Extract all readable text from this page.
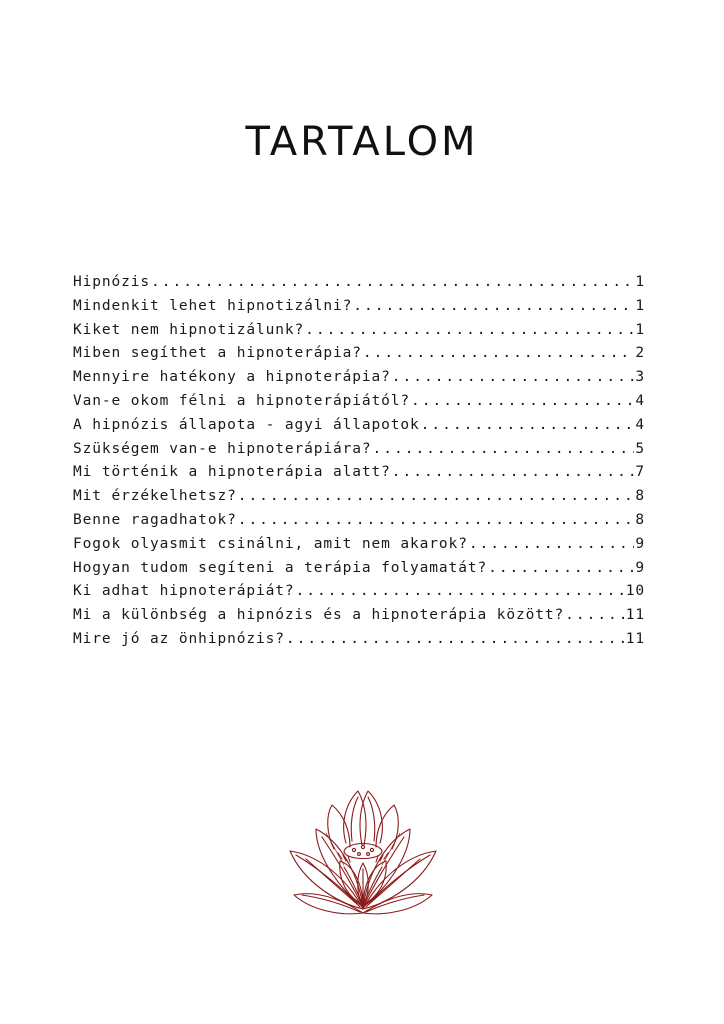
TARTALOM
Hipnózis .....	1
Mindenkit lehet hipnotizálni? .....	1
Kiket nem hipnotizálunk? .....	1
Miben segíthet a hipnoterápia? .....	2
Mennyire hatékony a hipnoterápia? .....	3
Van-e okom félni a hipnoterápiától? .....	4
A hipnózis állapota - agyi állapotok .....	4
Szükségem van-e hipnoterápiára? .....	5
Mi történik a hipnoterápia alatt? .....	7
Mit érzékelhetsz? .....	8
Benne ragadhatok? .....	8
Fogok olyasmit csinálni, amit nem akarok? .....	9
Hogyan tudom segíteni a terápia folyamatát? .....	9
Ki adhat hipnoterápiát? .....	10
Mi a különbség a hipnózis és a hipnoterápia között? .....	11
Mire jó az önhipnózis? .....	11
